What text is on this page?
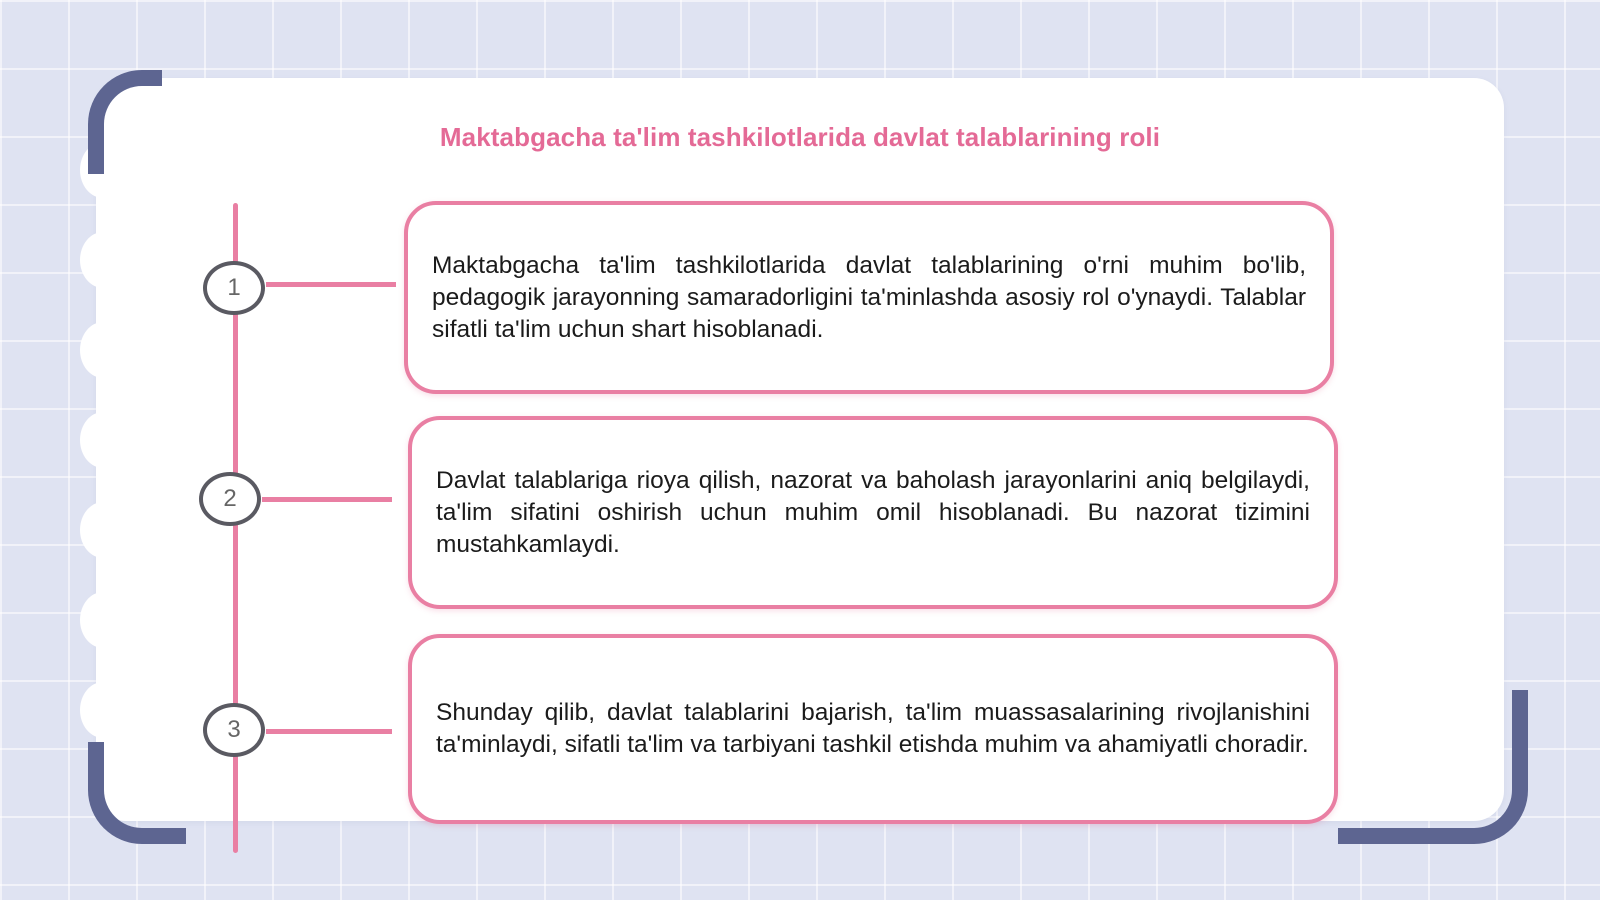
Maktabgacha ta'lim tashkilotlarida davlat talablarining roli
1

Maktabgacha ta'lim tashkilotlarida davlat talablarining o'rni muhim bo'lib, pedagogik jarayonning samaradorligini ta'minlashda asosiy rol o'ynaydi. Talablar sifatli ta'lim uchun shart hisoblanadi.

2

Davlat talablariga rioya qilish, nazorat va baholash jarayonlarini aniq belgilaydi, ta'lim sifatini oshirish uchun muhim omil hisoblanadi. Bu nazorat tizimini mustahkamlaydi.

3

Shunday qilib, davlat talablarini bajarish, ta'lim muassasalarining rivojlanishini ta'minlaydi, sifatli ta'lim va tarbiyani tashkil etishda muhim va ahamiyatli choradir.
